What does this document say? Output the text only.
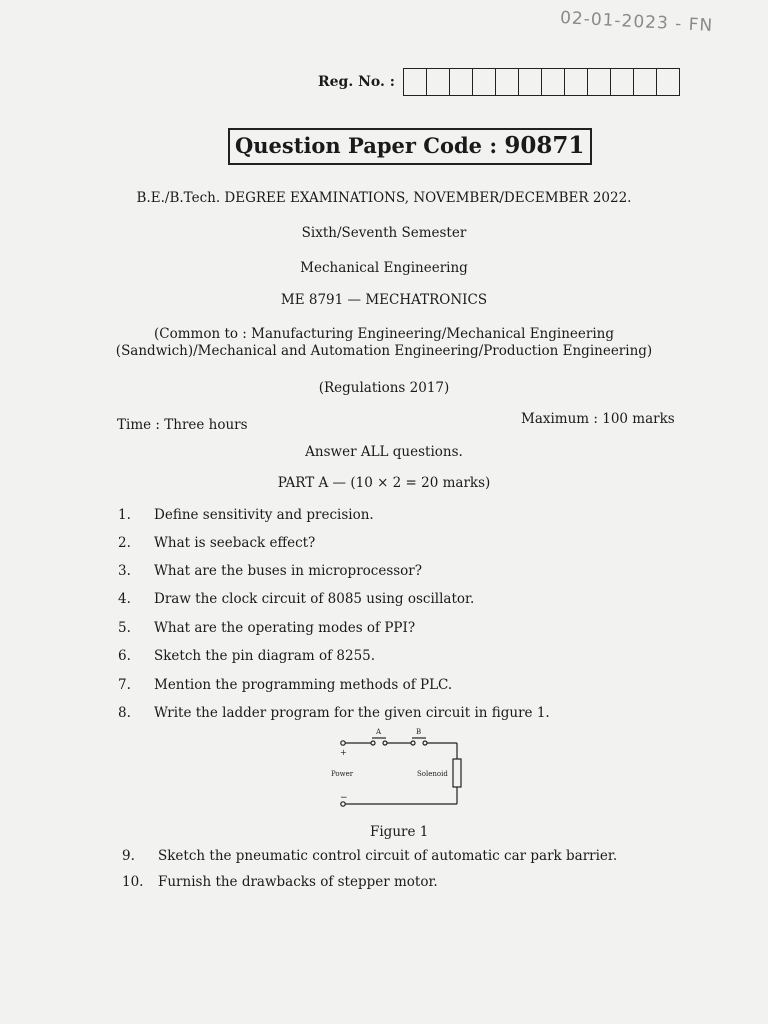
02-01-2023 - FN
Reg. No. :
Question Paper Code : 90871
B.E./B.Tech. DEGREE EXAMINATIONS, NOVEMBER/DECEMBER 2022.
Sixth/Seventh Semester
Mechanical Engineering
ME 8791 — MECHATRONICS
(Common to : Manufacturing Engineering/Mechanical Engineering
(Sandwich)/Mechanical and Automation Engineering/Production Engineering)
(Regulations 2017)
Time : Three hours	Maximum : 100 marks
Answer ALL questions.
PART A — (10 × 2 = 20 marks)
1.	Define sensitivity and precision.
2.	What is seeback effect?
3.	What are the buses in microprocessor?
4.	Draw the clock circuit of 8085 using oscillator.
5.	What are the operating modes of PPI?
6.	Sketch the pin diagram of 8255.
7.	Mention the programming methods of PLC.
8.	Write the ladder program for the given circuit in figure 1.
A	B
+
−
Power	Solenoid
Figure 1
9.	Sketch the pneumatic control circuit of automatic car park barrier.
10.	Furnish the drawbacks of stepper motor.
